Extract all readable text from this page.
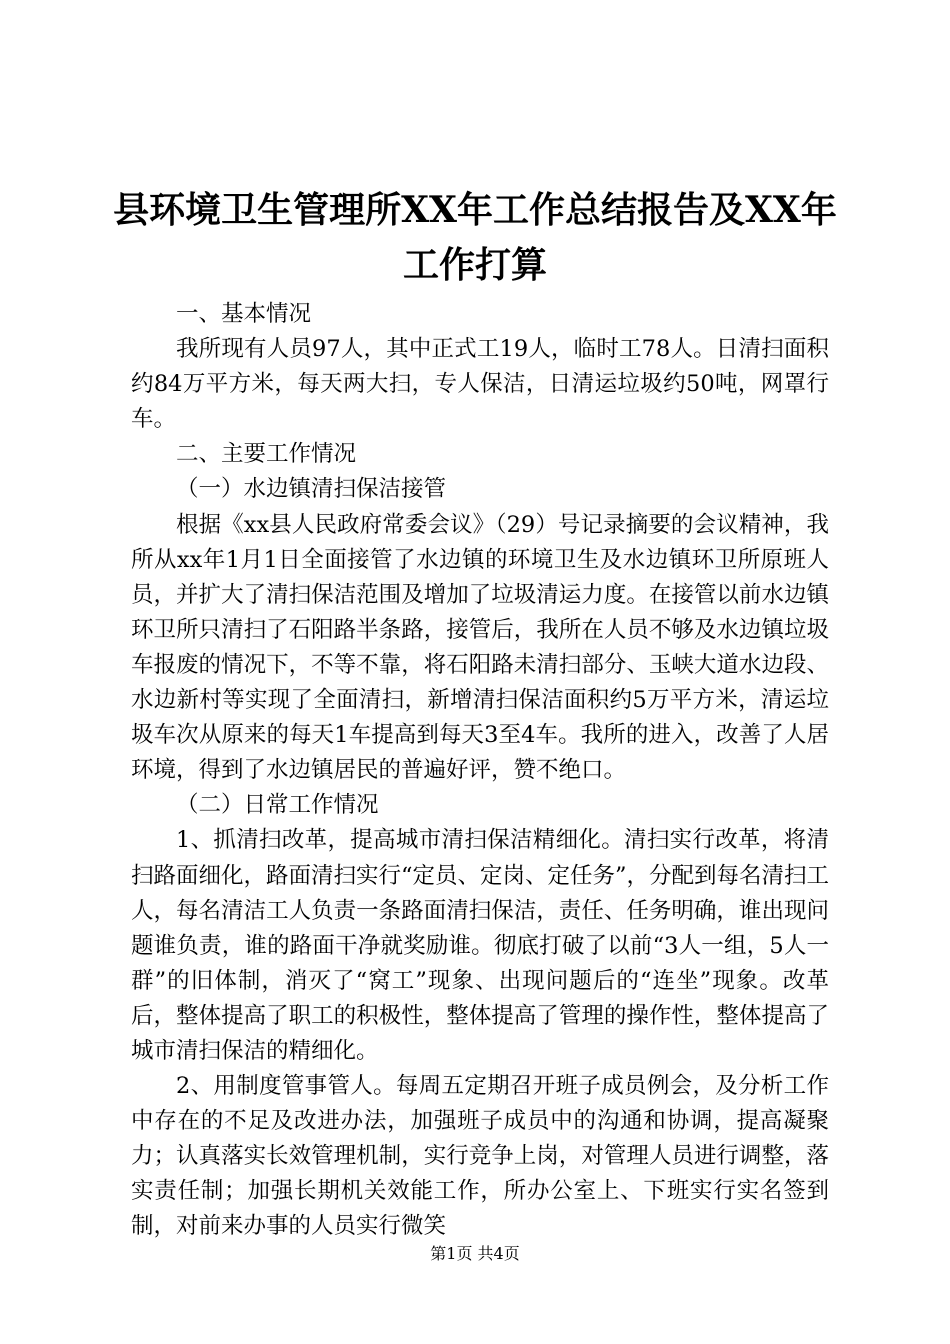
县环境卫生管理所XX年工作总结报告及XX年
工作打算

一、基本情况

我所现有人员97人，其中正式工19人，临时工78人。日清扫面积约84万平方米，每天两大扫，专人保洁，日清运垃圾约50吨，网罩行车。

二、主要工作情况

（一）水边镇清扫保洁接管

根据《xx县人民政府常委会议》（29）号记录摘要的会议精神，我所从xx年1月1日全面接管了水边镇的环境卫生及水边镇环卫所原班人员，并扩大了清扫保洁范围及增加了垃圾清运力度。在接管以前水边镇环卫所只清扫了石阳路半条路，接管后，我所在人员不够及水边镇垃圾车报废的情况下，不等不靠，将石阳路未清扫部分、玉峡大道水边段、水边新村等实现了全面清扫，新增清扫保洁面积约5万平方米，清运垃圾车次从原来的每天1车提高到每天3至4车。我所的进入，改善了人居环境，得到了水边镇居民的普遍好评，赞不绝口。

（二）日常工作情况

1、抓清扫改革，提高城市清扫保洁精细化。清扫实行改革，将清扫路面细化，路面清扫实行“定员、定岗、定任务”，分配到每名清扫工人，每名清洁工人负责一条路面清扫保洁，责任、任务明确，谁出现问题谁负责，谁的路面干净就奖励谁。彻底打破了以前“3人一组，5人一群”的旧体制，消灭了“窝工”现象、出现问题后的“连坐”现象。改革后，整体提高了职工的积极性，整体提高了管理的操作性，整体提高了城市清扫保洁的精细化。

2、用制度管事管人。每周五定期召开班子成员例会，及分析工作中存在的不足及改进办法，加强班子成员中的沟通和协调，提高凝聚力；认真落实长效管理机制，实行竞争上岗，对管理人员进行调整，落实责任制；加强长期机关效能工作，所办公室上、下班实行实名签到制，对前来办事的人员实行微笑

第1页 共4页
